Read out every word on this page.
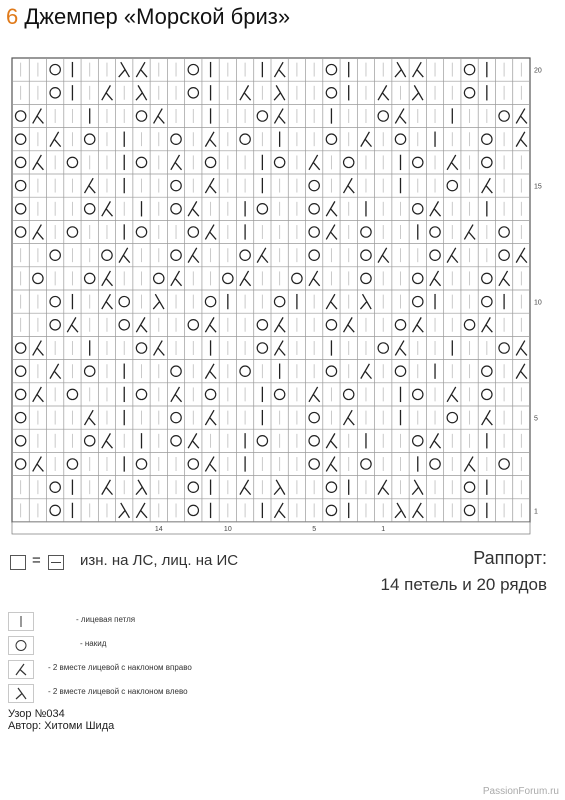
6 Джемпер «Морской бриз»
1
5
10
15
20
1
5
10
14
=	изн. на ЛС, лиц. на ИС	Раппорт:
14 петель и 20 рядов
- лицевая петля
- накид
- 2 вместе лицевой с наклоном вправо
- 2 вместе лицевой с наклоном влево
Узор №034
Автор: Хитоми Шида
PassionForum.ru
